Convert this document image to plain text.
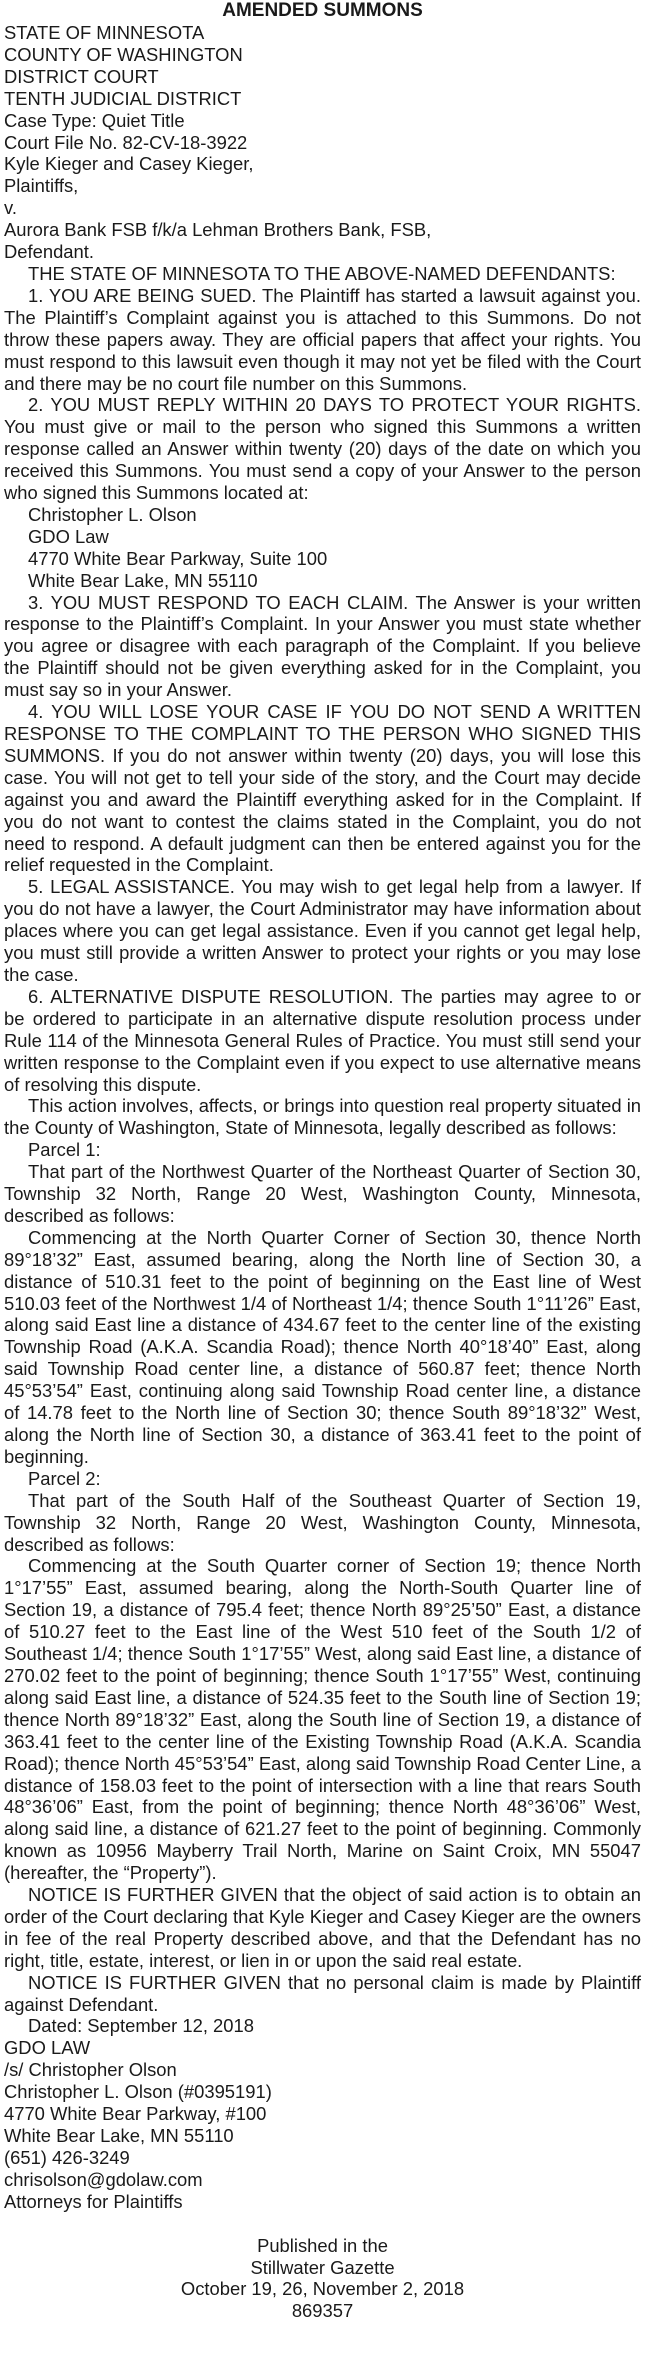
AMENDED SUMMONS

STATE OF MINNESOTA
COUNTY OF WASHINGTON
DISTRICT COURT
TENTH JUDICIAL DISTRICT
Case Type: Quiet Title
Court File No. 82-CV-18-3922
Kyle Kieger and Casey Kieger,
Plaintiffs,
v.
Aurora Bank FSB f/k/a Lehman Brothers Bank, FSB,
Defendant.

THE STATE OF MINNESOTA TO THE ABOVE-NAMED DEFENDANTS:

1. YOU ARE BEING SUED. The Plaintiff has started a lawsuit against you. The Plaintiff’s Complaint against you is attached to this Summons. Do not throw these papers away. They are official papers that affect your rights. You must respond to this lawsuit even though it may not yet be filed with the Court and there may be no court file number on this Summons.

2. YOU MUST REPLY WITHIN 20 DAYS TO PROTECT YOUR RIGHTS. You must give or mail to the person who signed this Summons a written response called an Answer within twenty (20) days of the date on which you received this Summons. You must send a copy of your Answer to the person who signed this Summons located at:

Christopher L. Olson
GDO Law
4770 White Bear Parkway, Suite 100
White Bear Lake, MN 55110

3. YOU MUST RESPOND TO EACH CLAIM. The Answer is your written response to the Plaintiff’s Complaint. In your Answer you must state whether you agree or disagree with each paragraph of the Complaint. If you believe the Plaintiff should not be given everything asked for in the Complaint, you must say so in your Answer.

4. YOU WILL LOSE YOUR CASE IF YOU DO NOT SEND A WRITTEN RESPONSE TO THE COMPLAINT TO THE PERSON WHO SIGNED THIS SUMMONS. If you do not answer within twenty (20) days, you will lose this case. You will not get to tell your side of the story, and the Court may decide against you and award the Plaintiff everything asked for in the Complaint. If you do not want to contest the claims stated in the Complaint, you do not need to respond. A default judgment can then be entered against you for the relief requested in the Complaint.

5. LEGAL ASSISTANCE. You may wish to get legal help from a lawyer. If you do not have a lawyer, the Court Administrator may have information about places where you can get legal assistance. Even if you cannot get legal help, you must still provide a written Answer to protect your rights or you may lose the case.

6. ALTERNATIVE DISPUTE RESOLUTION. The parties may agree to or be ordered to participate in an alternative dispute resolution process under Rule 114 of the Minnesota General Rules of Practice. You must still send your written response to the Complaint even if you expect to use alternative means of resolving this dispute.

This action involves, affects, or brings into question real property situated in the County of Washington, State of Minnesota, legally described as follows:

Parcel 1:

That part of the Northwest Quarter of the Northeast Quarter of Section 30, Township 32 North, Range 20 West, Washington County, Minnesota, described as follows:

Commencing at the North Quarter Corner of Section 30, thence North 89°18’32” East, assumed bearing, along the North line of Section 30, a distance of 510.31 feet to the point of beginning on the East line of West 510.03 feet of the Northwest 1/4 of Northeast 1/4; thence South 1°11’26” East, along said East line a distance of 434.67 feet to the center line of the existing Township Road (A.K.A. Scandia Road); thence North 40°18’40” East, along said Township Road center line, a distance of 560.87 feet; thence North 45°53’54” East, continuing along said Township Road center line, a distance of 14.78 feet to the North line of Section 30; thence South 89°18’32” West, along the North line of Section 30, a distance of 363.41 feet to the point of beginning.

Parcel 2:

That part of the South Half of the Southeast Quarter of Section 19, Township 32 North, Range 20 West, Washington County, Minnesota, described as follows:

Commencing at the South Quarter corner of Section 19; thence North 1°17’55” East, assumed bearing, along the North-South Quarter line of Section 19, a distance of 795.4 feet; thence North 89°25’50” East, a distance of 510.27 feet to the East line of the West 510 feet of the South 1/2 of Southeast 1/4; thence South 1°17’55” West, along said East line, a distance of 270.02 feet to the point of beginning; thence South 1°17’55” West, continuing along said East line, a distance of 524.35 feet to the South line of Section 19; thence North 89°18’32” East, along the South line of Section 19, a distance of 363.41 feet to the center line of the Existing Township Road (A.K.A. Scandia Road); thence North 45°53’54” East, along said Township Road Center Line, a distance of 158.03 feet to the point of intersection with a line that rears South 48°36’06” East, from the point of beginning; thence North 48°36’06” West, along said line, a distance of 621.27 feet to the point of beginning. Commonly known as 10956 Mayberry Trail North, Marine on Saint Croix, MN 55047 (hereafter, the “Property”).

NOTICE IS FURTHER GIVEN that the object of said action is to obtain an order of the Court declaring that Kyle Kieger and Casey Kieger are the owners in fee of the real Property described above, and that the Defendant has no right, title, estate, interest, or lien in or upon the said real estate.

NOTICE IS FURTHER GIVEN that no personal claim is made by Plaintiff against Defendant.

Dated: September 12, 2018

GDO LAW
/s/ Christopher Olson
Christopher L. Olson (#0395191)
4770 White Bear Parkway, #100
White Bear Lake, MN 55110
(651) 426-3249
chrisolson@gdolaw.com
Attorneys for Plaintiffs
Published in the
Stillwater Gazette
October 19, 26, November 2, 2018
869357
